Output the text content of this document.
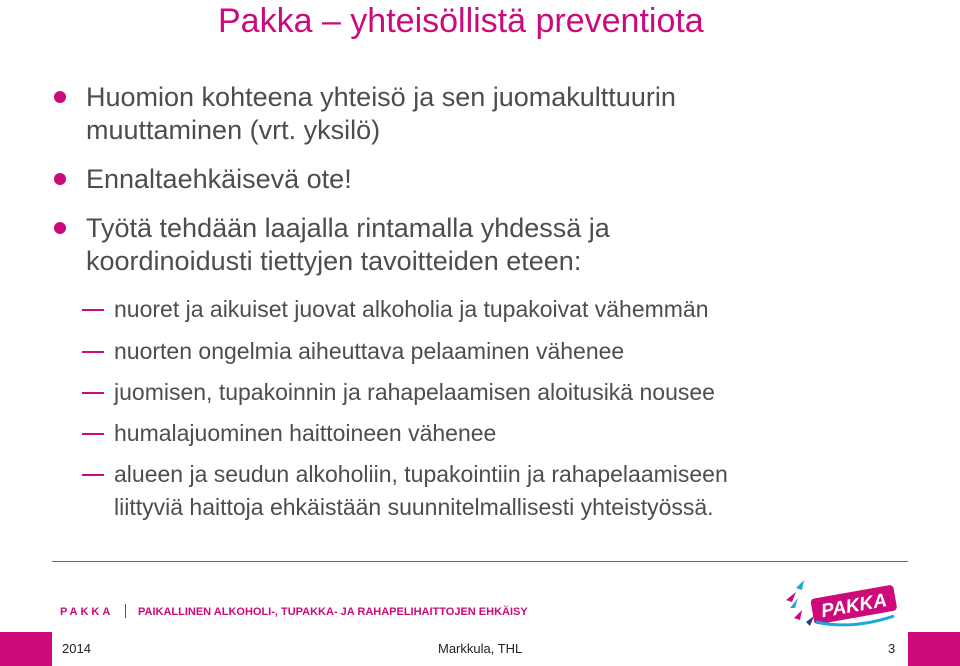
Pakka – yhteisöllistä preventiota
Huomion kohteena yhteisö ja sen juomakulttuurin
muuttaminen (vrt. yksilö)
Ennaltaehkäisevä ote!
Työtä tehdään laajalla rintamalla yhdessä ja
koordinoidusti tiettyjen tavoitteiden eteen:
nuoret ja aikuiset juovat alkoholia ja tupakoivat vähemmän
nuorten ongelmia aiheuttava pelaaminen vähenee
juomisen, tupakoinnin ja rahapelaamisen aloitusikä nousee
humalajuominen haittoineen vähenee
alueen ja seudun alkoholiin, tupakointiin ja rahapelaamiseen
liittyviä haittoja ehkäistään suunnitelmallisesti yhteistyössä.
PAKKA PAIKALLINEN ALKOHOLI-, TUPAKKA- JA RAHAPELIHAITTOJEN EHKÄISY	PAKKA
2014	Markkula, THL	3
